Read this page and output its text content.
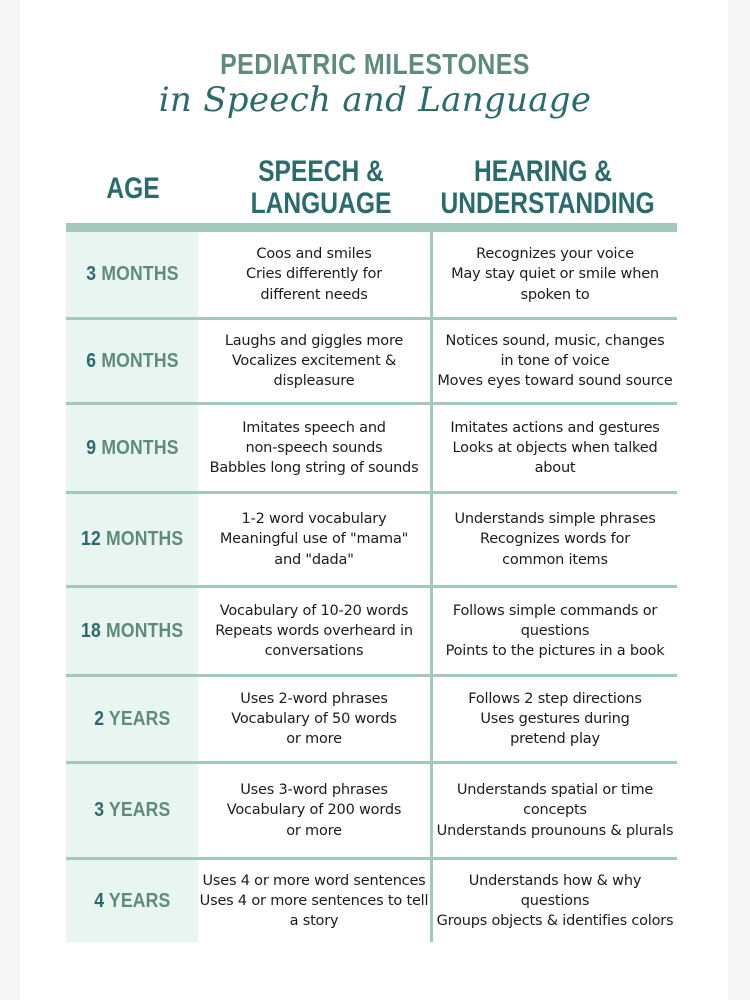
PEDIATRIC MILESTONES
in Speech and Language
AGE
SPEECH &
LANGUAGE
HEARING &
UNDERSTANDING
3 MONTHS
Coos and smiles
Cries differently for
different needs
Recognizes your voice
May stay quiet or smile when
spoken to
6 MONTHS
Laughs and giggles more
Vocalizes excitement &
displeasure
Notices sound, music, changes
in tone of voice
Moves eyes toward sound source
9 MONTHS
Imitates speech and
non-speech sounds
Babbles long string of sounds
Imitates actions and gestures
Looks at objects when talked
about
12 MONTHS
1-2 word vocabulary
Meaningful use of "mama"
and "dada"
Understands simple phrases
Recognizes words for
common items
18 MONTHS
Vocabulary of 10-20 words
Repeats words overheard in
conversations
Follows simple commands or
questions
Points to the pictures in a book
2 YEARS
Uses 2-word phrases
Vocabulary of 50 words
or more
Follows 2 step directions
Uses gestures during
pretend play
3 YEARS
Uses 3-word phrases
Vocabulary of 200 words
or more
Understands spatial or time
concepts
Understands prounouns & plurals
4 YEARS
Uses 4 or more word sentences
Uses 4 or more sentences to tell
a story
Understands how & why
questions
Groups objects & identifies colors
